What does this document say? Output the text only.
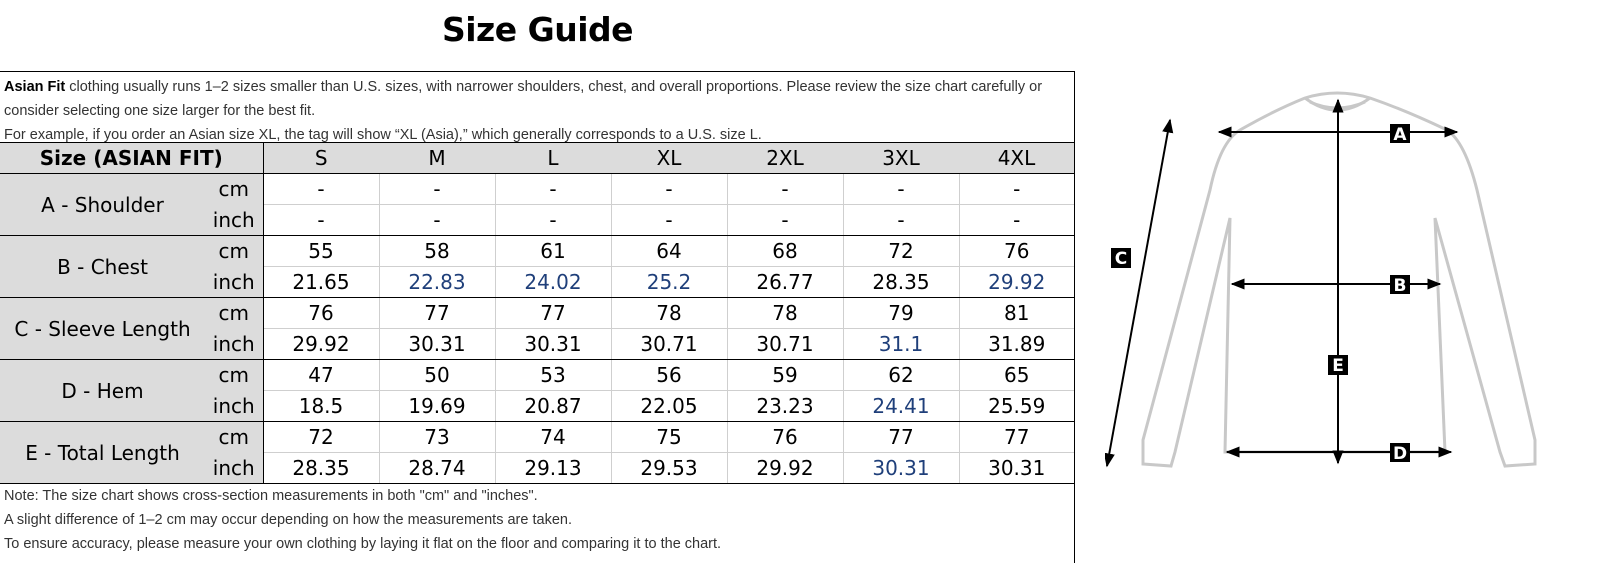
Size Guide
Asian Fit clothing usually runs 1–2 sizes smaller than U.S. sizes, with narrower shoulders, chest, and overall proportions. Please review the size chart carefully or
consider selecting one size larger for the best fit.
For example, if you order an Asian size XL, the tag will show “XL (Asia),” which generally corresponds to a U.S. size L.
Size (ASIAN FIT)		S	M	L	XL	2XL	3XL	4XL
A - Shoulder	cm	-	-	-	-	-	-	-
	inch	-	-	-	-	-	-	-
B - Chest	cm	55	58	61	64	68	72	76
	inch	21.65	22.83	24.02	25.2	26.77	28.35	29.92
C - Sleeve Length	cm	76	77	77	78	78	79	81
	inch	29.92	30.31	30.31	30.71	30.71	31.1	31.89
D - Hem	cm	47	50	53	56	59	62	65
	inch	18.5	19.69	20.87	22.05	23.23	24.41	25.59
E - Total Length	cm	72	73	74	75	76	77	77
	inch	28.35	28.74	29.13	29.53	29.92	30.31	30.31
Note: The size chart shows cross-section measurements in both "cm" and "inches".
A slight difference of 1–2 cm may occur depending on how the measurements are taken.
To ensure accuracy, please measure your own clothing by laying it flat on the floor and comparing it to the chart.
A
B
C
D
E
